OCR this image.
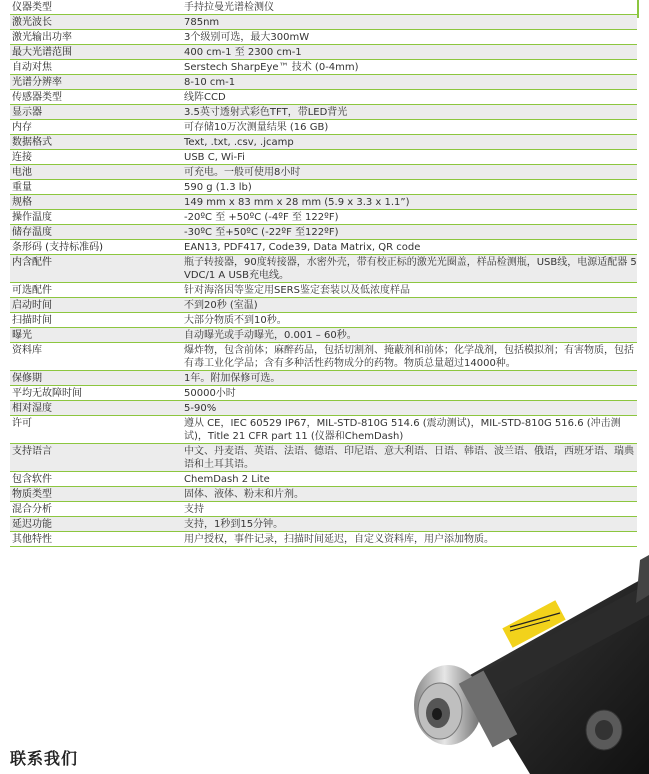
仪器类型	手持拉曼光谱检测仪
激光波长	785nm
激光输出功率	3个级别可选，最大300mW
最大光谱范围	400 cm-1 至 2300 cm-1
自动对焦	Serstech SharpEye™ 技术 (0-4mm)
光谱分辨率	8-10 cm-1
传感器类型	线阵CCD
显示器	3.5英寸透射式彩色TFT，带LED背光
内存	可存储10万次测量结果 (16 GB)
数据格式	Text, .txt, .csv, .jcamp
连接	USB C, Wi-Fi
电池	可充电。一般可使用8小时
重量	590 g (1.3 lb)
规格	149 mm x 83 mm x 28 mm (5.9 x 3.3 x 1.1”)
操作温度	-20ºC 至 +50ºC (-4ºF 至 122ºF)
储存温度	-30ºC 至+50ºC (-22ºF 至122ºF)
条形码 (支持标准码)	EAN13, PDF417, Code39, Data Matrix, QR code
内含配件	瓶子转接器，90度转接器，水密外壳，带有校正标的激光光圈盖，样品检测瓶，USB线，电源适配器 5 VDC/1 A USB充电线。
可选配件	针对海洛因等鉴定用SERS鉴定套装以及低浓度样品
启动时间	不到20秒 (室温)
扫描时间	大部分物质不到10秒。
曝光	自动曝光或手动曝光，0.001 – 60秒。
资料库	爆炸物，包含前体；麻醉药品，包括切割剂、掩蔽剂和前体；化学战剂，包括模拟剂；有害物质，包括有毒工业化学品；含有多种活性药物成分的药物。物质总量超过14000种。
保修期	1年。附加保修可选。
平均无故障时间	50000小时
相对湿度	5-90%
许可	遵从 CE，IEC 60529 IP67，MIL-STD-810G 514.6 (震动测试)，MIL-STD-810G 516.6 (冲击测试)，Title 21 CFR part 11 (仪器和ChemDash)
支持语言	中文、丹麦语、英语、法语、德语、印尼语、意大利语、日语、韩语、波兰语、俄语，西班牙语、瑞典语和土耳其语。
包含软件	ChemDash 2 Lite
物质类型	固体、液体、粉末和片剂。
混合分析	支持
延迟功能	支持，1秒到15分钟。
其他特性	用户授权，事件记录，扫描时间延迟，自定义资料库，用户添加物质。
联系我们
